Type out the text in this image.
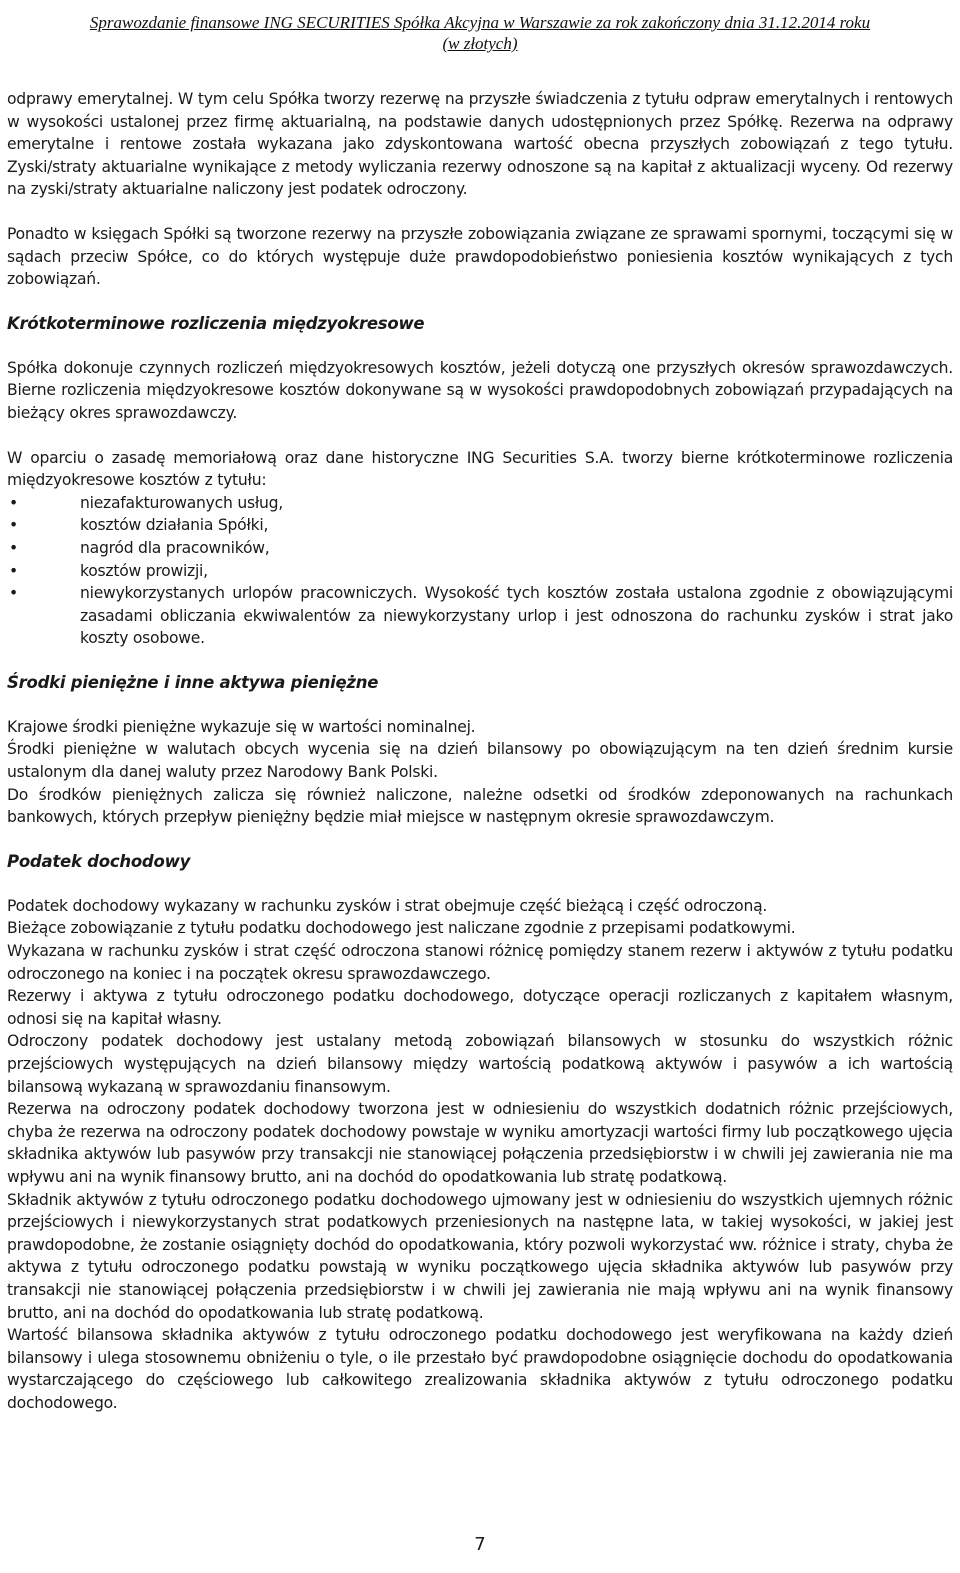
Sprawozdanie finansowe ING SECURITIES Spółka Akcyjna w Warszawie za rok zakończony dnia 31.12.2014 roku
(w złotych)

odprawy emerytalnej. W tym celu Spółka tworzy rezerwę na przyszłe świadczenia z tytułu odpraw emerytalnych i rentowych w wysokości ustalonej przez firmę aktuarialną, na podstawie danych udostępnionych przez Spółkę. Rezerwa na odprawy emerytalne i rentowe została wykazana jako zdyskontowana wartość obecna przyszłych zobowiązań z tego tytułu. Zyski/straty aktuarialne wynikające z metody wyliczania rezerwy odnoszone są na kapitał z aktualizacji wyceny. Od rezerwy na zyski/straty aktuarialne naliczony jest podatek odroczony.

Ponadto w księgach Spółki są tworzone rezerwy na przyszłe zobowiązania związane ze sprawami spornymi, toczącymi się w sądach przeciw Spółce, co do których występuje duże prawdopodobieństwo poniesienia kosztów wynikających z tych zobowiązań.

Krótkoterminowe rozliczenia międzyokresowe

Spółka dokonuje czynnych rozliczeń międzyokresowych kosztów, jeżeli dotyczą one przyszłych okresów sprawozdawczych. Bierne rozliczenia międzyokresowe kosztów dokonywane są w wysokości prawdopodobnych zobowiązań przypadających na bieżący okres sprawozdawczy.

W oparciu o zasadę memoriałową oraz dane historyczne ING Securities S.A. tworzy bierne krótkoterminowe rozliczenia międzyokresowe kosztów z tytułu:

• niezafakturowanych usług,
• kosztów działania Spółki,
• nagród dla pracowników,
• kosztów prowizji,
• niewykorzystanych urlopów pracowniczych. Wysokość tych kosztów została ustalona zgodnie z obowiązującymi zasadami obliczania ekwiwalentów za niewykorzystany urlop i jest odnoszona do rachunku zysków i strat jako koszty osobowe.
Środki pieniężne i inne aktywa pieniężne

Krajowe środki pieniężne wykazuje się w wartości nominalnej.

Środki pieniężne w walutach obcych wycenia się na dzień bilansowy po obowiązującym na ten dzień średnim kursie ustalonym dla danej waluty przez Narodowy Bank Polski.

Do środków pieniężnych zalicza się również naliczone, należne odsetki od środków zdeponowanych na rachunkach bankowych, których przepływ pieniężny będzie miał miejsce w następnym okresie sprawozdawczym.

Podatek dochodowy

Podatek dochodowy wykazany w rachunku zysków i strat obejmuje część bieżącą i część odroczoną.

Bieżące zobowiązanie z tytułu podatku dochodowego jest naliczane zgodnie z przepisami podatkowymi.

Wykazana w rachunku zysków i strat część odroczona stanowi różnicę pomiędzy stanem rezerw i aktywów z tytułu podatku odroczonego na koniec i na początek okresu sprawozdawczego.

Rezerwy i aktywa z tytułu odroczonego podatku dochodowego, dotyczące operacji rozliczanych z kapitałem własnym, odnosi się na kapitał własny.

Odroczony podatek dochodowy jest ustalany metodą zobowiązań bilansowych w stosunku do wszystkich różnic przejściowych występujących na dzień bilansowy między wartością podatkową aktywów i pasywów a ich wartością bilansową wykazaną w sprawozdaniu finansowym.

Rezerwa na odroczony podatek dochodowy tworzona jest w odniesieniu do wszystkich dodatnich różnic przejściowych, chyba że rezerwa na odroczony podatek dochodowy powstaje w wyniku amortyzacji wartości firmy lub początkowego ujęcia składnika aktywów lub pasywów przy transakcji nie stanowiącej połączenia przedsiębiorstw i w chwili jej zawierania nie ma wpływu ani na wynik finansowy brutto, ani na dochód do opodatkowania lub stratę podatkową.

Składnik aktywów z tytułu odroczonego podatku dochodowego ujmowany jest w odniesieniu do wszystkich ujemnych różnic przejściowych i niewykorzystanych strat podatkowych przeniesionych na następne lata, w takiej wysokości, w jakiej jest prawdopodobne, że zostanie osiągnięty dochód do opodatkowania, który pozwoli wykorzystać ww. różnice i straty, chyba że aktywa z tytułu odroczonego podatku powstają w wyniku początkowego ujęcia składnika aktywów lub pasywów przy transakcji nie stanowiącej połączenia przedsiębiorstw i w chwili jej zawierania nie mają wpływu ani na wynik finansowy brutto, ani na dochód do opodatkowania lub stratę podatkową.

Wartość bilansowa składnika aktywów z tytułu odroczonego podatku dochodowego jest weryfikowana na każdy dzień bilansowy i ulega stosownemu obniżeniu o tyle, o ile przestało być prawdopodobne osiągnięcie dochodu do opodatkowania wystarczającego do częściowego lub całkowitego zrealizowania składnika aktywów z tytułu odroczonego podatku dochodowego.

7
